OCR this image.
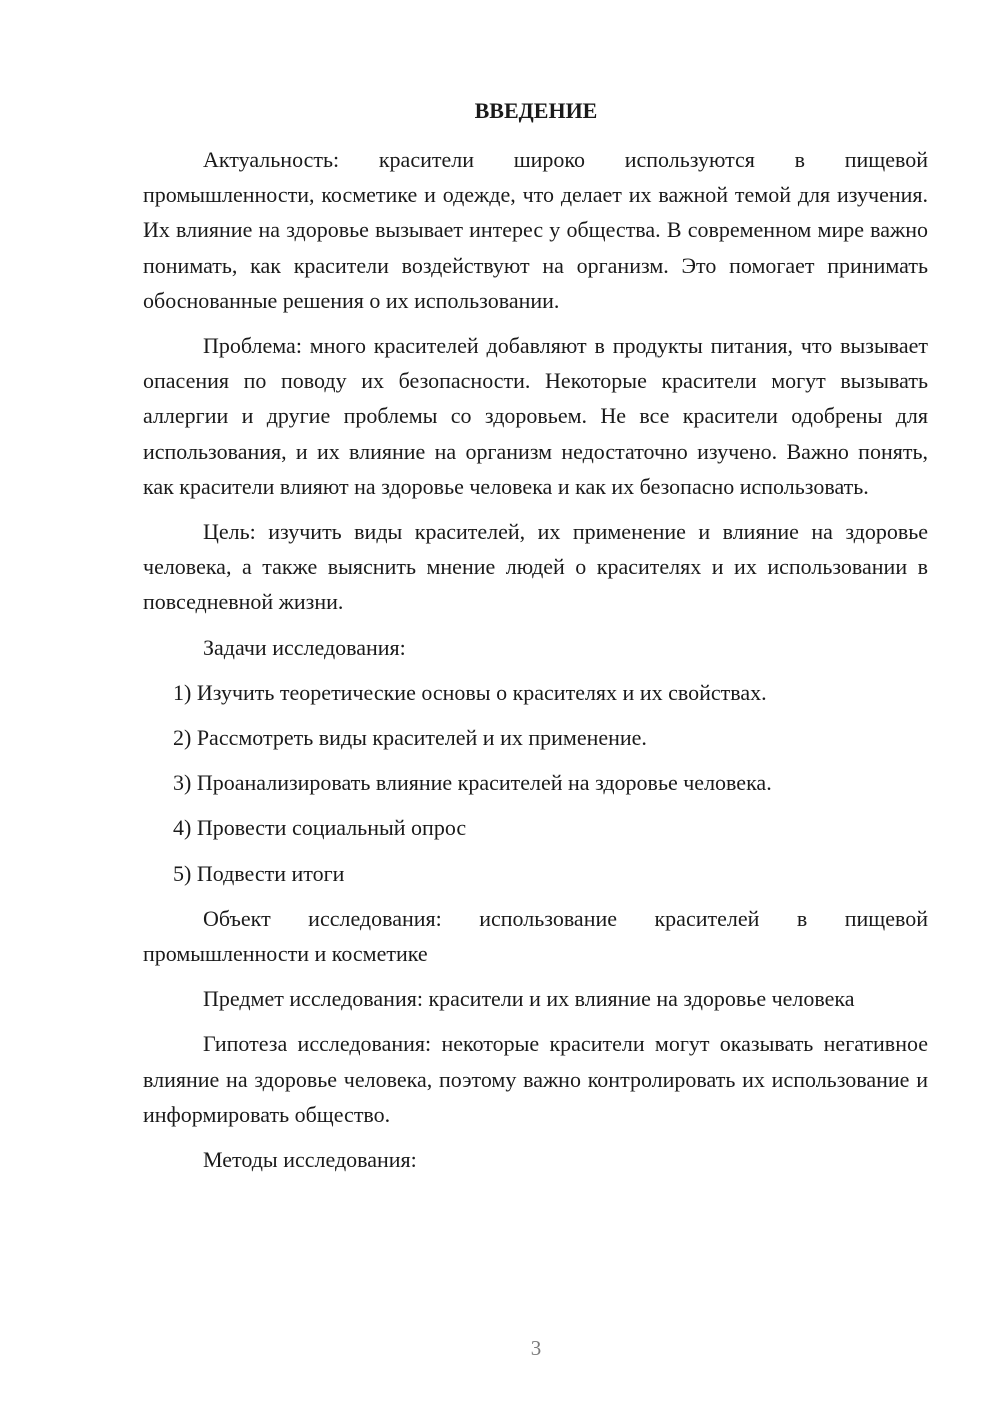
ВВЕДЕНИЕ

Актуальность: красители широко используются в пищевой промышленности, косметике и одежде, что делает их важной темой для изучения. Их влияние на здоровье вызывает интерес у общества. В современном мире важно понимать, как красители воздействуют на организм. Это помогает принимать обоснованные решения о их использовании.

Проблема: много красителей добавляют в продукты питания, что вызывает опасения по поводу их безопасности. Некоторые красители могут вызывать аллергии и другие проблемы со здоровьем. Не все красители одобрены для использования, и их влияние на организм недостаточно изучено. Важно понять, как красители влияют на здоровье человека и как их безопасно использовать.

Цель: изучить виды красителей, их применение и влияние на здоровье человека, а также выяснить мнение людей о красителях и их использовании в повседневной жизни.

Задачи исследования:

1) Изучить теоретические основы о красителях и их свойствах.

2) Рассмотреть виды красителей и их применение.

3) Проанализировать влияние красителей на здоровье человека.

4) Провести социальный опрос

5) Подвести итоги

Объект исследования: использование красителей в пищевой промышленности и косметике

Предмет исследования: красители и их влияние на здоровье человека

Гипотеза исследования: некоторые красители могут оказывать негативное влияние на здоровье человека, поэтому важно контролировать их использование и информировать общество.

Методы исследования:

3
